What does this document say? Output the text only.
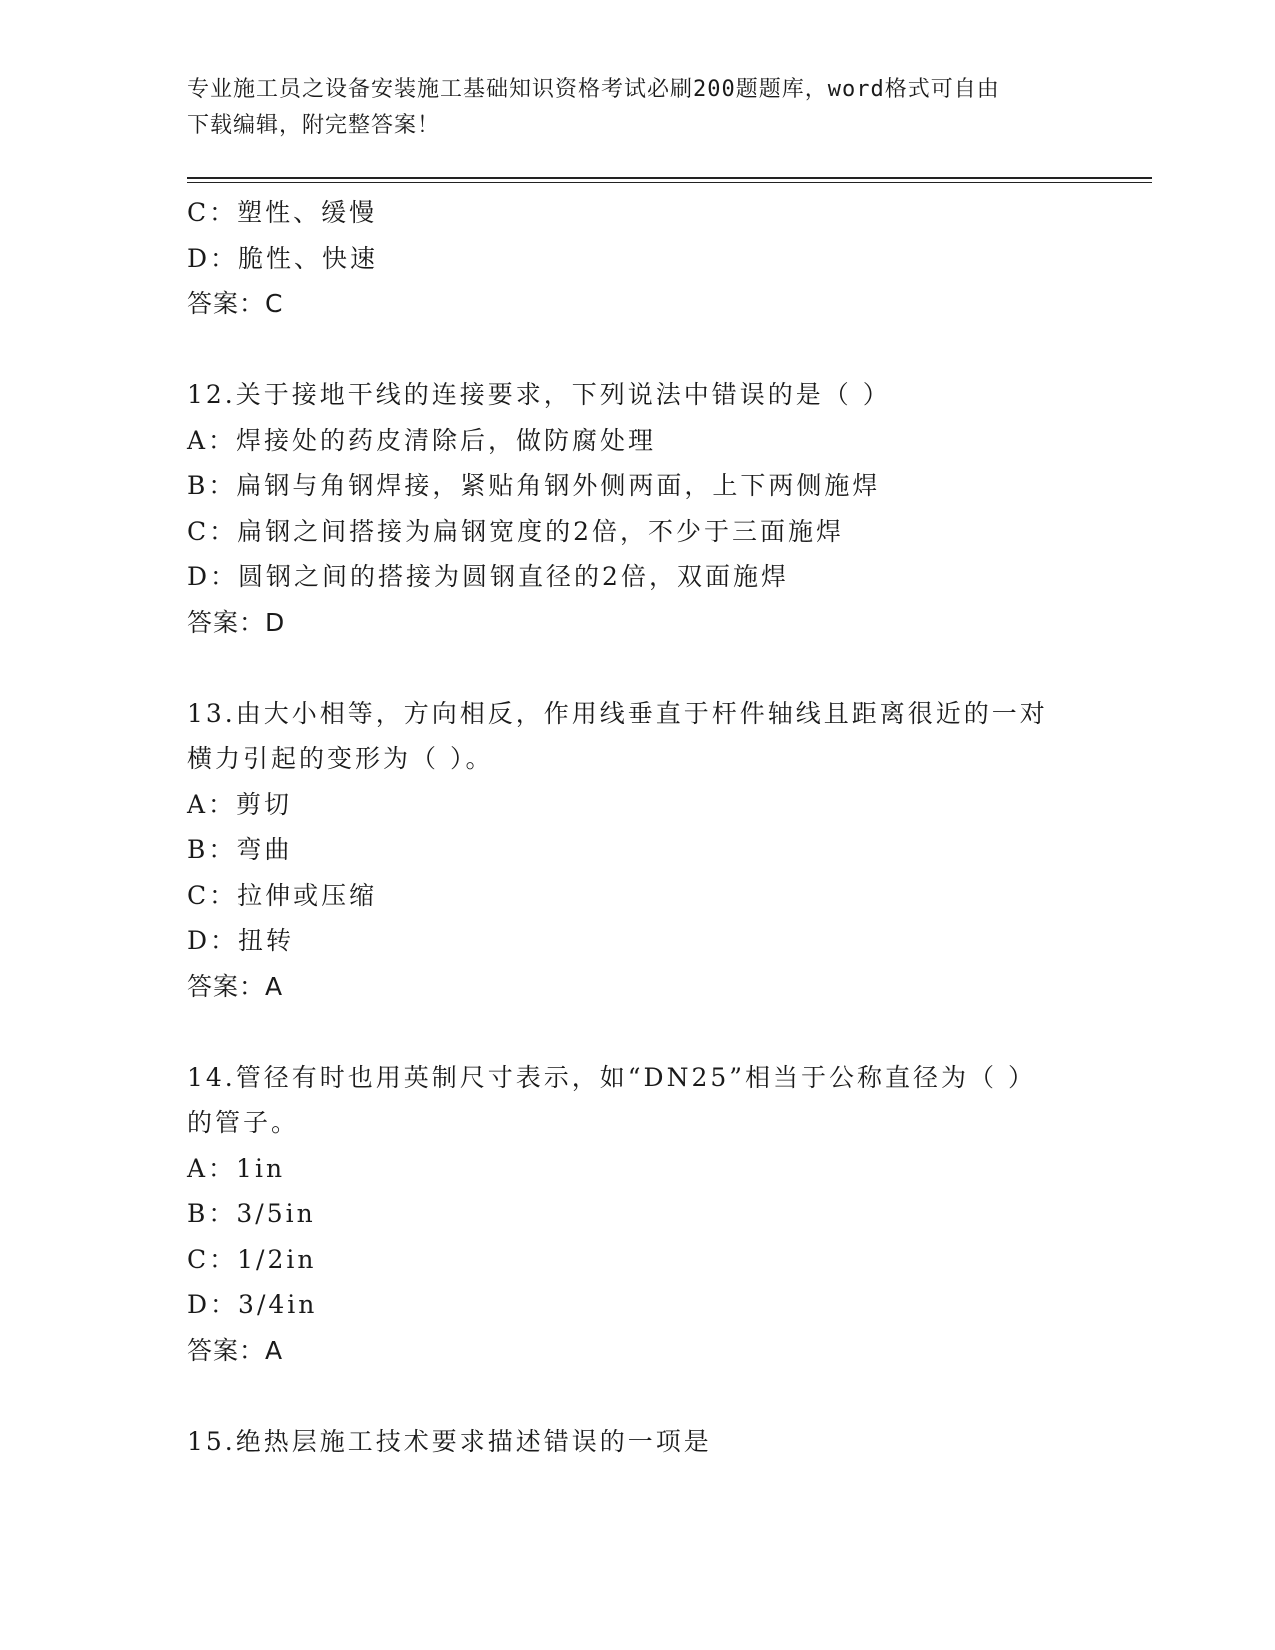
专业施工员之设备安装施工基础知识资格考试必刷200题题库，word格式可自由
下载编辑，附完整答案！
C：塑性、缓慢
D：脆性、快速
答案：C
12.关于接地干线的连接要求，下列说法中错误的是（ ）
A：焊接处的药皮清除后，做防腐处理
B：扁钢与角钢焊接，紧贴角钢外侧两面，上下两侧施焊
C：扁钢之间搭接为扁钢宽度的2倍，不少于三面施焊
D：圆钢之间的搭接为圆钢直径的2倍，双面施焊
答案：D
13.由大小相等，方向相反，作用线垂直于杆件轴线且距离很近的一对
横力引起的变形为（ ）。
A：剪切
B：弯曲
C：拉伸或压缩
D：扭转
答案：A
14.管径有时也用英制尺寸表示，如“DN25”相当于公称直径为（ ）
的管子。
A：1in
B：3/5in
C：1/2in
D：3/4in
答案：A
15.绝热层施工技术要求描述错误的一项是
